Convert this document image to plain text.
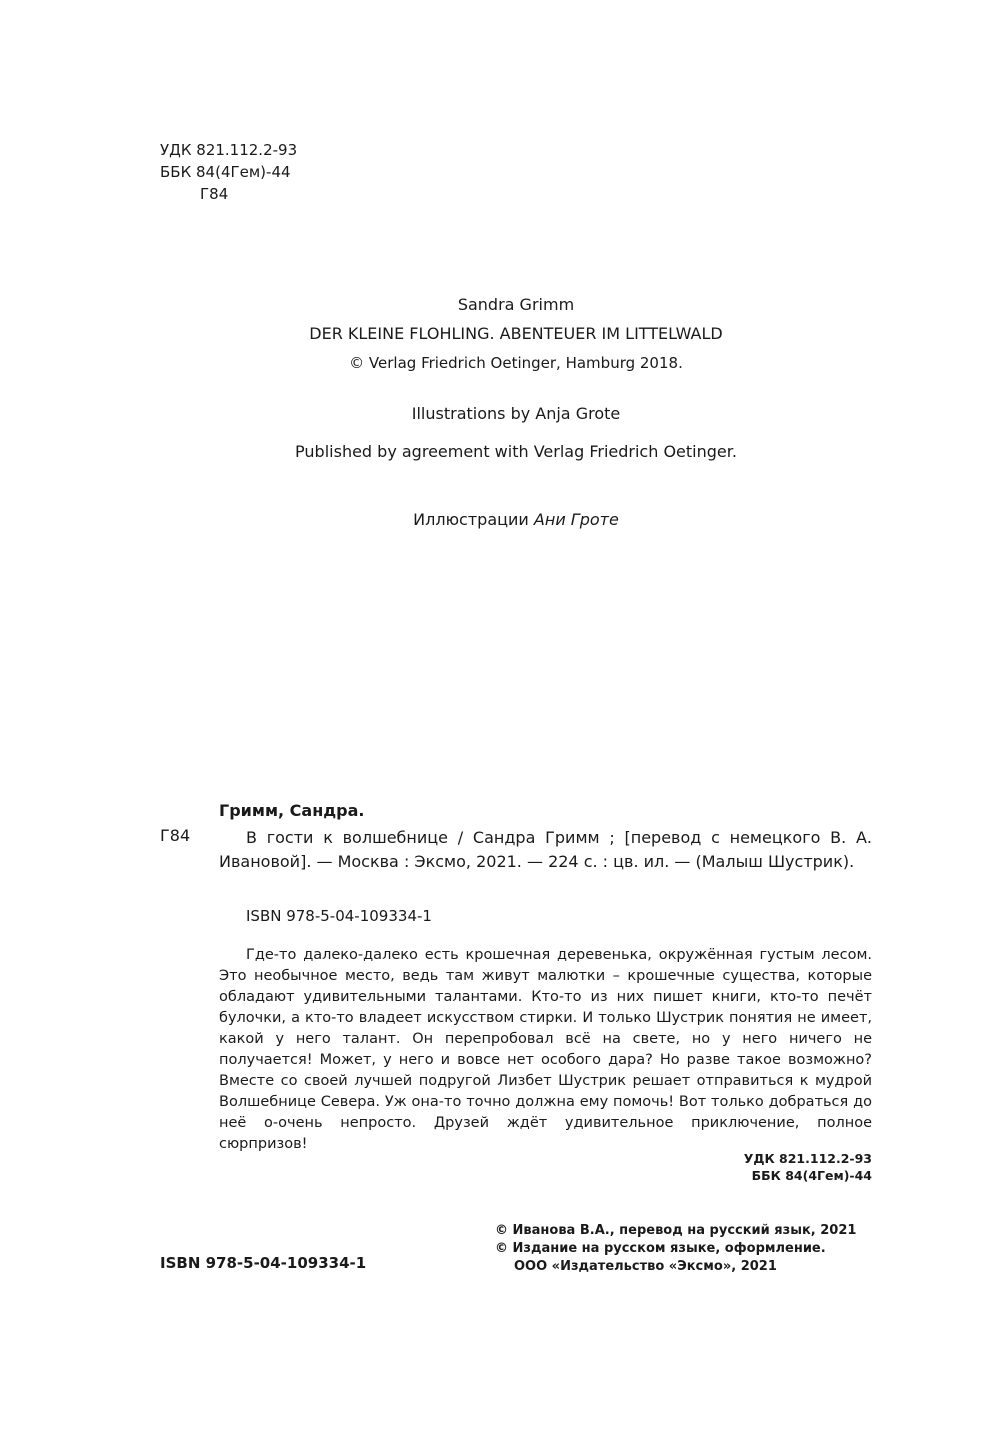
УДК 821.112.2-93
ББК 84(4Гем)-44
Г84
Sandra Grimm
DER KLEINE FLOHLING. ABENTEUER IM LITTELWALD
© Verlag Friedrich Oetinger, Hamburg 2018.
Illustrations by Anja Grote
Published by agreement with Verlag Friedrich Oetinger.
Иллюстрации Ани Гроте
Гримм, Сандра.
Г84	В гости к волшебнице / Сандра Гримм ; [перевод с немецкого В. А. Ивановой]. — Москва : Эксмо, 2021. — 224 с. : цв. ил. — (Малыш Шустрик).
ISBN 978-5-04-109334-1
Где-то далеко-далеко есть крошечная деревенька, окружённая густым лесом. Это необычное место, ведь там живут малютки – крошечные существа, которые обладают удивительными талантами. Кто-то из них пишет книги, кто-то печёт булочки, а кто-то владеет искусством стирки. И только Шустрик понятия не имеет, какой у него талант. Он перепробовал всё на свете, но у него ничего не получается! Может, у него и вовсе нет особого дара? Но разве такое возможно? Вместе со своей лучшей подругой Лизбет Шустрик решает отправиться к мудрой Волшебнице Севера. Уж она-то точно должна ему помочь! Вот только добраться до неё о-очень непросто. Друзей ждёт удивительное приключение, полное сюрпризов!
УДК 821.112.2-93
ББК 84(4Гем)-44
© Иванова В.А., перевод на русский язык, 2021
© Издание на русском языке, оформление.
ООО «Издательство «Эксмо», 2021
ISBN 978-5-04-109334-1
